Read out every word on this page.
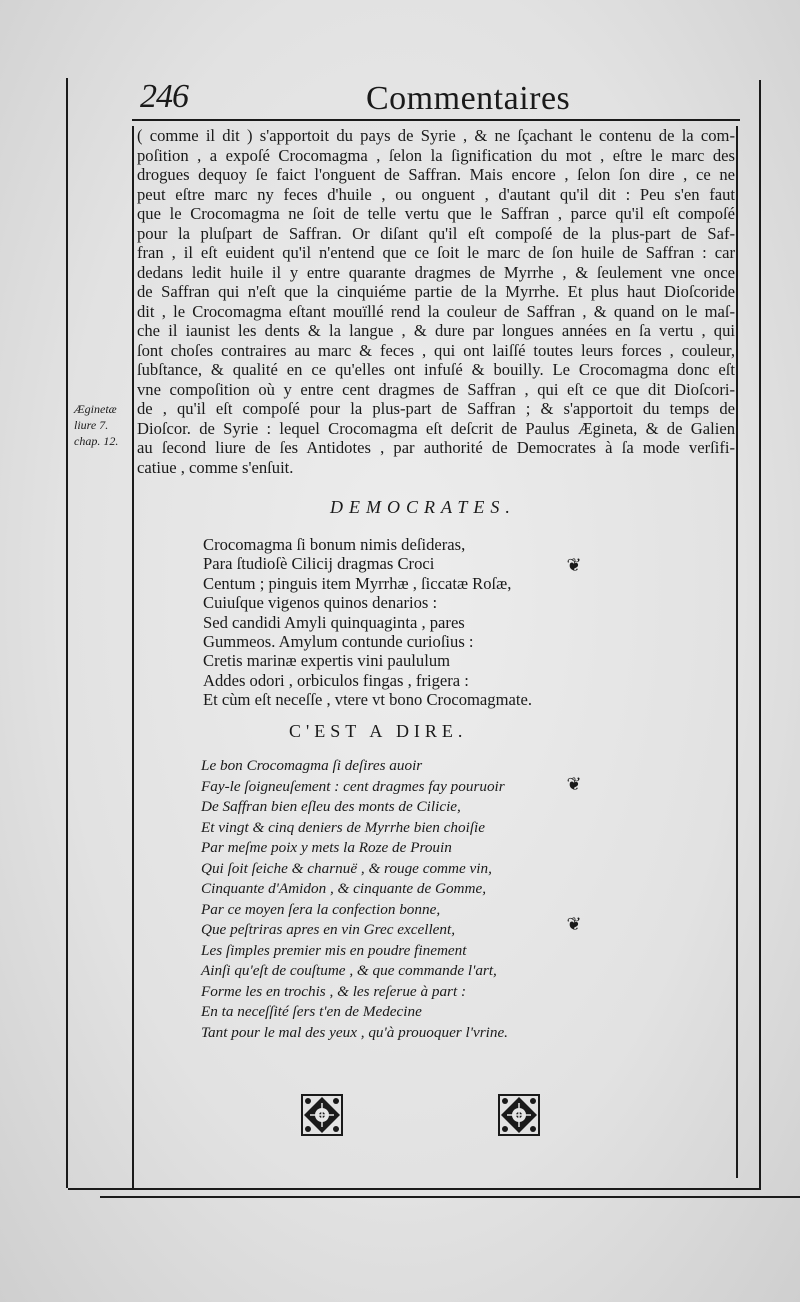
246	Commentaires
Æginetæ
liure 7.
chap. 12.
( comme il dit ) s'apportoit du pays de Syrie , & ne ſçachant le contenu de la com-
poſition , a expoſé Crocomagma , ſelon la ſignification du mot , eſtre le marc des
drogues dequoy ſe faict l'onguent de Saffran. Mais encore , ſelon ſon dire , ce ne
peut eſtre marc ny feces d'huile , ou onguent , d'autant qu'il dit : Peu s'en faut
que le Crocomagma ne ſoit de telle vertu que le Saffran , parce qu'il eſt compoſé
pour la pluſpart de Saffran. Or diſant qu'il eſt compoſé de la plus-part de Saf-
fran , il eſt euident qu'il n'entend que ce ſoit le marc de ſon huile de Saffran : car
dedans ledit huile il y entre quarante dragmes de Myrrhe , & ſeulement vne once
de Saffran qui n'eſt que la cinquiéme partie de la Myrrhe. Et plus haut Dioſcoride
dit , le Crocomagma eſtant mouïllé rend la couleur de Saffran , & quand on le maſ-
che il iaunist les dents & la langue , & dure par longues années en ſa vertu , qui
ſont choſes contraires au marc & feces , qui ont laiſſé toutes leurs forces , couleur,
ſubſtance, & qualité en ce qu'elles ont infuſé & bouilly. Le Crocomagma donc eſt
vne compoſition où y entre cent dragmes de Saffran , qui eſt ce que dit Dioſcori-
de , qu'il eſt compoſé pour la plus-part de Saffran ; & s'apportoit du temps de
Dioſcor. de Syrie : lequel Crocomagma eſt deſcrit de Paulus Ægineta, & de Galien
au ſecond liure de ſes Antidotes , par authorité de Democrates à ſa mode verſifi-
catiue , comme s'enſuit.
DEMOCRATES.
Crocomagma ſi bonum nimis deſideras,
Para ſtudioſè Cilicij dragmas Croci
Centum ; pinguis item Myrrhæ , ſiccatæ Roſæ,
Cuiuſque vigenos quinos denarios :
Sed candidi Amyli quinquaginta , pares
Gummeos. Amylum contunde curioſius :
Cretis marinæ expertis vini paululum
Addes odori , orbiculos fingas , frigera :
Et cùm eſt neceſſe , vtere vt bono Crocomagmate.
C'EST A DIRE.
Le bon Crocomagma ſi deſires auoir
Fay-le ſoigneuſement : cent dragmes fay pouruoir
De Saffran bien eſleu des monts de Cilicie,
Et vingt & cinq deniers de Myrrhe bien choiſie
Par meſme poix y mets la Roze de Prouin
Qui ſoit ſeiche & charnuë , & rouge comme vin,
Cinquante d'Amidon , & cinquante de Gomme,
Par ce moyen ſera la confection bonne,
Que peſtriras apres en vin Grec excellent,
Les ſimples premier mis en poudre finement
Ainſi qu'eſt de couſtume , & que commande l'art,
Forme les en trochis , & les reſerue à part :
En ta neceſſité ſers t'en de Medecine
Tant pour le mal des yeux , qu'à prouoquer l'vrine.
❦
❦
❦
